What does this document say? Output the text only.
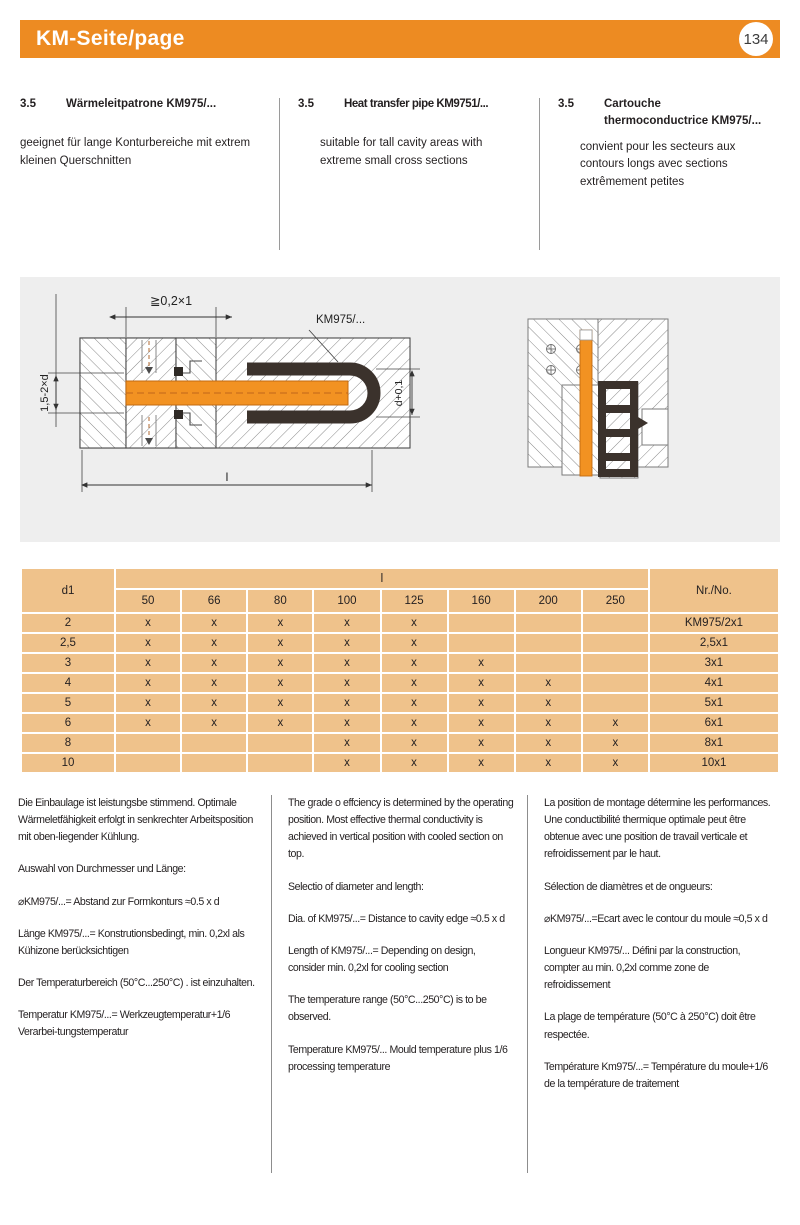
KM-Seite/page	134
3.5	Wärmeleitpatrone KM975/...
geeignet für lange Konturbereiche mit extrem kleinen Querschnitten
3.5	Heat transfer pipe KM9751/...
suitable for tall cavity areas with extreme small cross sections
3.5	Cartouche thermoconductrice KM975/...
convient pour les secteurs aux contours longs avec sections extrêmement petites
1,5-2×d
≧0,2×1
KM975/...
d+0,1
l
d1	l								Nr./No.
	50	66	80	100	125	160	200	250	
2	x	x	x	x	x				KM975/2x1
2,5	x	x	x	x	x				2,5x1
3	x	x	x	x	x	x			3x1
4	x	x	x	x	x	x	x		4x1
5	x	x	x	x	x	x	x		5x1
6	x	x	x	x	x	x	x	x	6x1
8				x	x	x	x	x	8x1
10				x	x	x	x	x	10x1
Die Einbaulage ist leistungsbe stimmend. Optimale Wärmeletfähigkeit erfolgt in senkrechter Arbeitsposition mit oben-liegender Kühlung.
Auswahl von Durchmesser und Länge:
⌀KM975/...= Abstand zur Formkonturs ≈0.5 x d
Länge KM975/...= Konstrutionsbedingt, min. 0,2xl als Kühizone berücksichtigen
Der Temperaturbereich (50°C...250°C) . ist einzuhalten.
Temperatur KM975/...= Werkzeugtemperatur+1/6 Verarbei-tungstemperatur
The grade o effciency is determined by the operating position. Most effective thermal conductivity is achieved in vertical position with cooled section on top.
Selectio of diameter and length:
Dia. of KM975/...= Distance to cavity edge ≈0.5 x d
Length of KM975/...= Depending on design, consider min. 0,2xl for cooling section
The temperature range (50°C...250°C) is to be observed.
Temperature KM975/... Mould temperature plus 1/6 processing temperature
La position de montage détermine les performances. Une conductibilité thermique optimale peut être obtenue avec une position de travail verticale et refroidissement par le haut.
Sélection de diamètres et de ongueurs:
⌀KM975/...=Ecart avec le contour du moule ≈0,5 x d
Longueur KM975/... Défini par la construction, compter au min. 0,2xl comme zone de refroidissement
La plage de température (50°C à 250°C) doit être respectée.
Température Km975/...= Température du moule+1/6 de la température de traitement
